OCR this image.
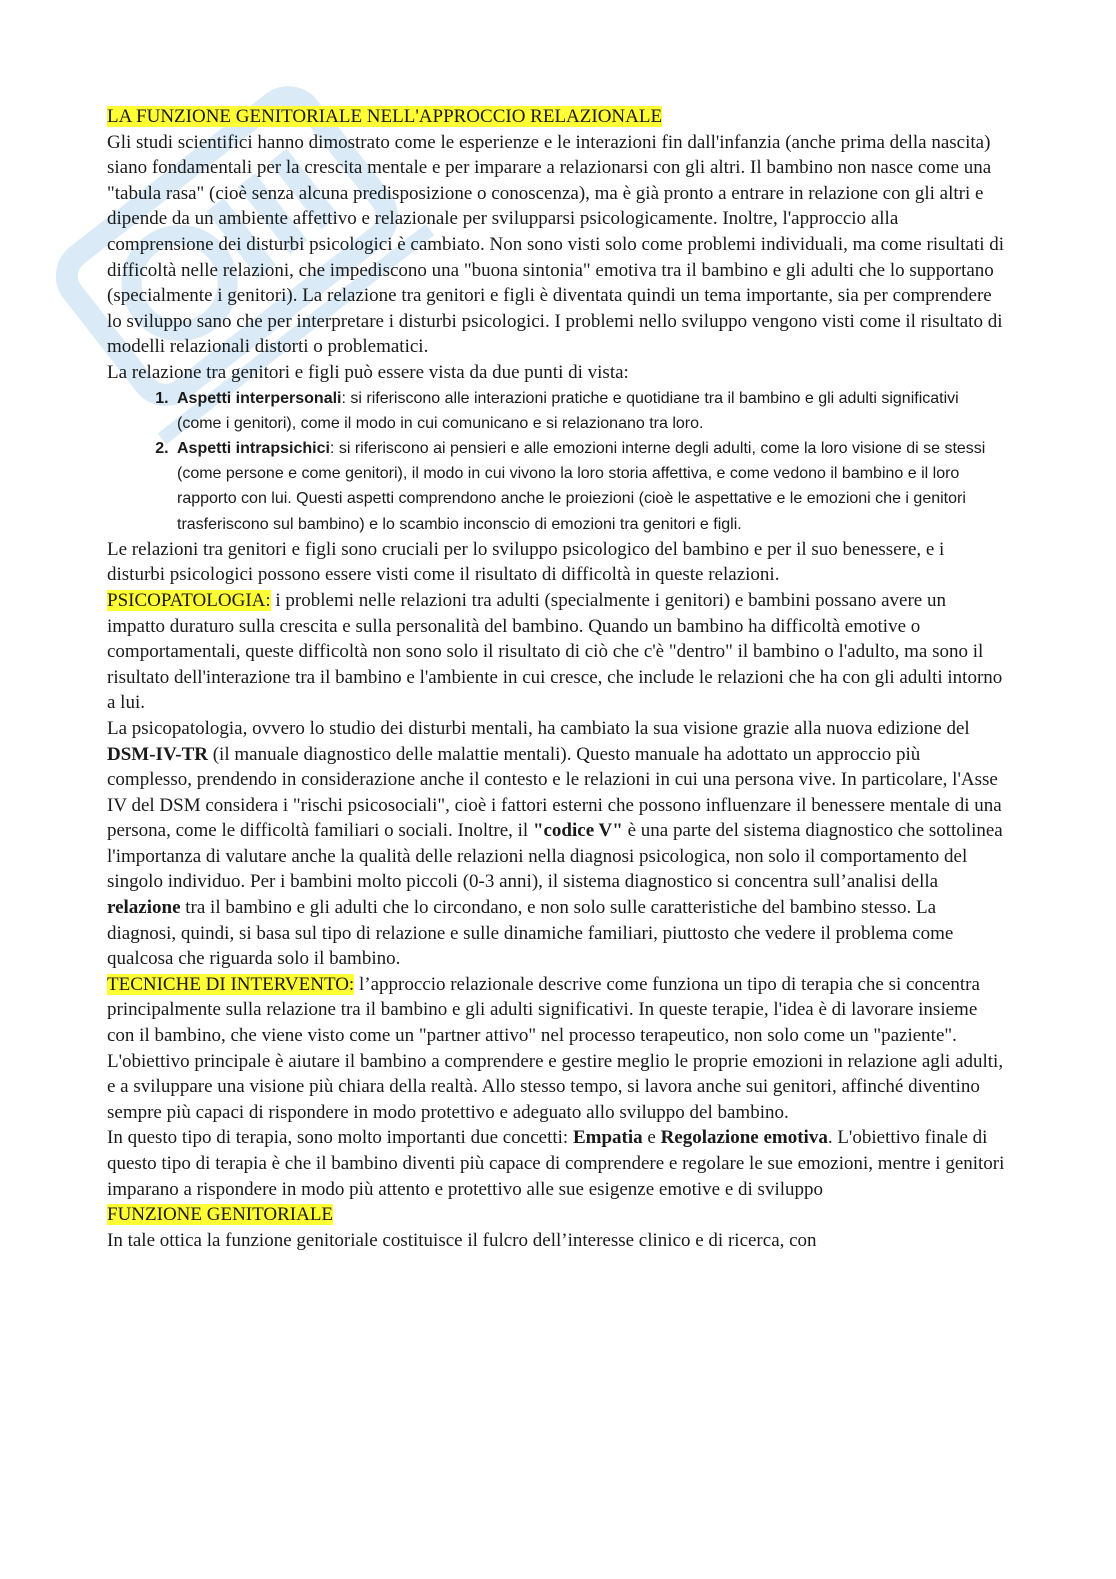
LA FUNZIONE GENITORIALE NELL'APPROCCIO RELAZIONALE

Gli studi scientifici hanno dimostrato come le esperienze e le interazioni fin dall'infanzia (anche prima della nascita) siano fondamentali per la crescita mentale e per imparare a relazionarsi con gli altri. Il bambino non nasce come una "tabula rasa" (cioè senza alcuna predisposizione o conoscenza), ma è già pronto a entrare in relazione con gli altri e dipende da un ambiente affettivo e relazionale per svilupparsi psicologicamente. Inoltre, l'approccio alla comprensione dei disturbi psicologici è cambiato. Non sono visti solo come problemi individuali, ma come risultati di difficoltà nelle relazioni, che impediscono una "buona sintonia" emotiva tra il bambino e gli adulti che lo supportano (specialmente i genitori). La relazione tra genitori e figli è diventata quindi un tema importante, sia per comprendere lo sviluppo sano che per interpretare i disturbi psicologici. I problemi nello sviluppo vengono visti come il risultato di modelli relazionali distorti o problematici.

La relazione tra genitori e figli può essere vista da due punti di vista:

1. Aspetti interpersonali: si riferiscono alle interazioni pratiche e quotidiane tra il bambino e gli adulti significativi (come i genitori), come il modo in cui comunicano e si relazionano tra loro.
2. Aspetti intrapsichici: si riferiscono ai pensieri e alle emozioni interne degli adulti, come la loro visione di se stessi (come persone e come genitori), il modo in cui vivono la loro storia affettiva, e come vedono il bambino e il loro rapporto con lui. Questi aspetti comprendono anche le proiezioni (cioè le aspettative e le emozioni che i genitori trasferiscono sul bambino) e lo scambio inconscio di emozioni tra genitori e figli.

Le relazioni tra genitori e figli sono cruciali per lo sviluppo psicologico del bambino e per il suo benessere, e i disturbi psicologici possono essere visti come il risultato di difficoltà in queste relazioni.

PSICOPATOLOGIA: i problemi nelle relazioni tra adulti (specialmente i genitori) e bambini possano avere un impatto duraturo sulla crescita e sulla personalità del bambino. Quando un bambino ha difficoltà emotive o comportamentali, queste difficoltà non sono solo il risultato di ciò che c'è "dentro" il bambino o l'adulto, ma sono il risultato dell'interazione tra il bambino e l'ambiente in cui cresce, che include le relazioni che ha con gli adulti intorno a lui.

La psicopatologia, ovvero lo studio dei disturbi mentali, ha cambiato la sua visione grazie alla nuova edizione del DSM-IV-TR (il manuale diagnostico delle malattie mentali). Questo manuale ha adottato un approccio più complesso, prendendo in considerazione anche il contesto e le relazioni in cui una persona vive. In particolare, l'Asse IV del DSM considera i "rischi psicosociali", cioè i fattori esterni che possono influenzare il benessere mentale di una persona, come le difficoltà familiari o sociali. Inoltre, il "codice V" è una parte del sistema diagnostico che sottolinea l'importanza di valutare anche la qualità delle relazioni nella diagnosi psicologica, non solo il comportamento del singolo individuo. Per i bambini molto piccoli (0-3 anni), il sistema diagnostico si concentra sull’analisi della relazione tra il bambino e gli adulti che lo circondano, e non solo sulle caratteristiche del bambino stesso. La diagnosi, quindi, si basa sul tipo di relazione e sulle dinamiche familiari, piuttosto che vedere il problema come qualcosa che riguarda solo il bambino.

TECNICHE DI INTERVENTO: l’approccio relazionale descrive come funziona un tipo di terapia che si concentra principalmente sulla relazione tra il bambino e gli adulti significativi. In queste terapie, l'idea è di lavorare insieme con il bambino, che viene visto come un "partner attivo" nel processo terapeutico, non solo come un "paziente". L'obiettivo principale è aiutare il bambino a comprendere e gestire meglio le proprie emozioni in relazione agli adulti, e a sviluppare una visione più chiara della realtà. Allo stesso tempo, si lavora anche sui genitori, affinché diventino sempre più capaci di rispondere in modo protettivo e adeguato allo sviluppo del bambino.

In questo tipo di terapia, sono molto importanti due concetti: Empatia e Regolazione emotiva. L'obiettivo finale di questo tipo di terapia è che il bambino diventi più capace di comprendere e regolare le sue emozioni, mentre i genitori imparano a rispondere in modo più attento e protettivo alle sue esigenze emotive e di sviluppo

FUNZIONE GENITORIALE

In tale ottica la funzione genitoriale costituisce il fulcro dell’interesse clinico e di ricerca, con
